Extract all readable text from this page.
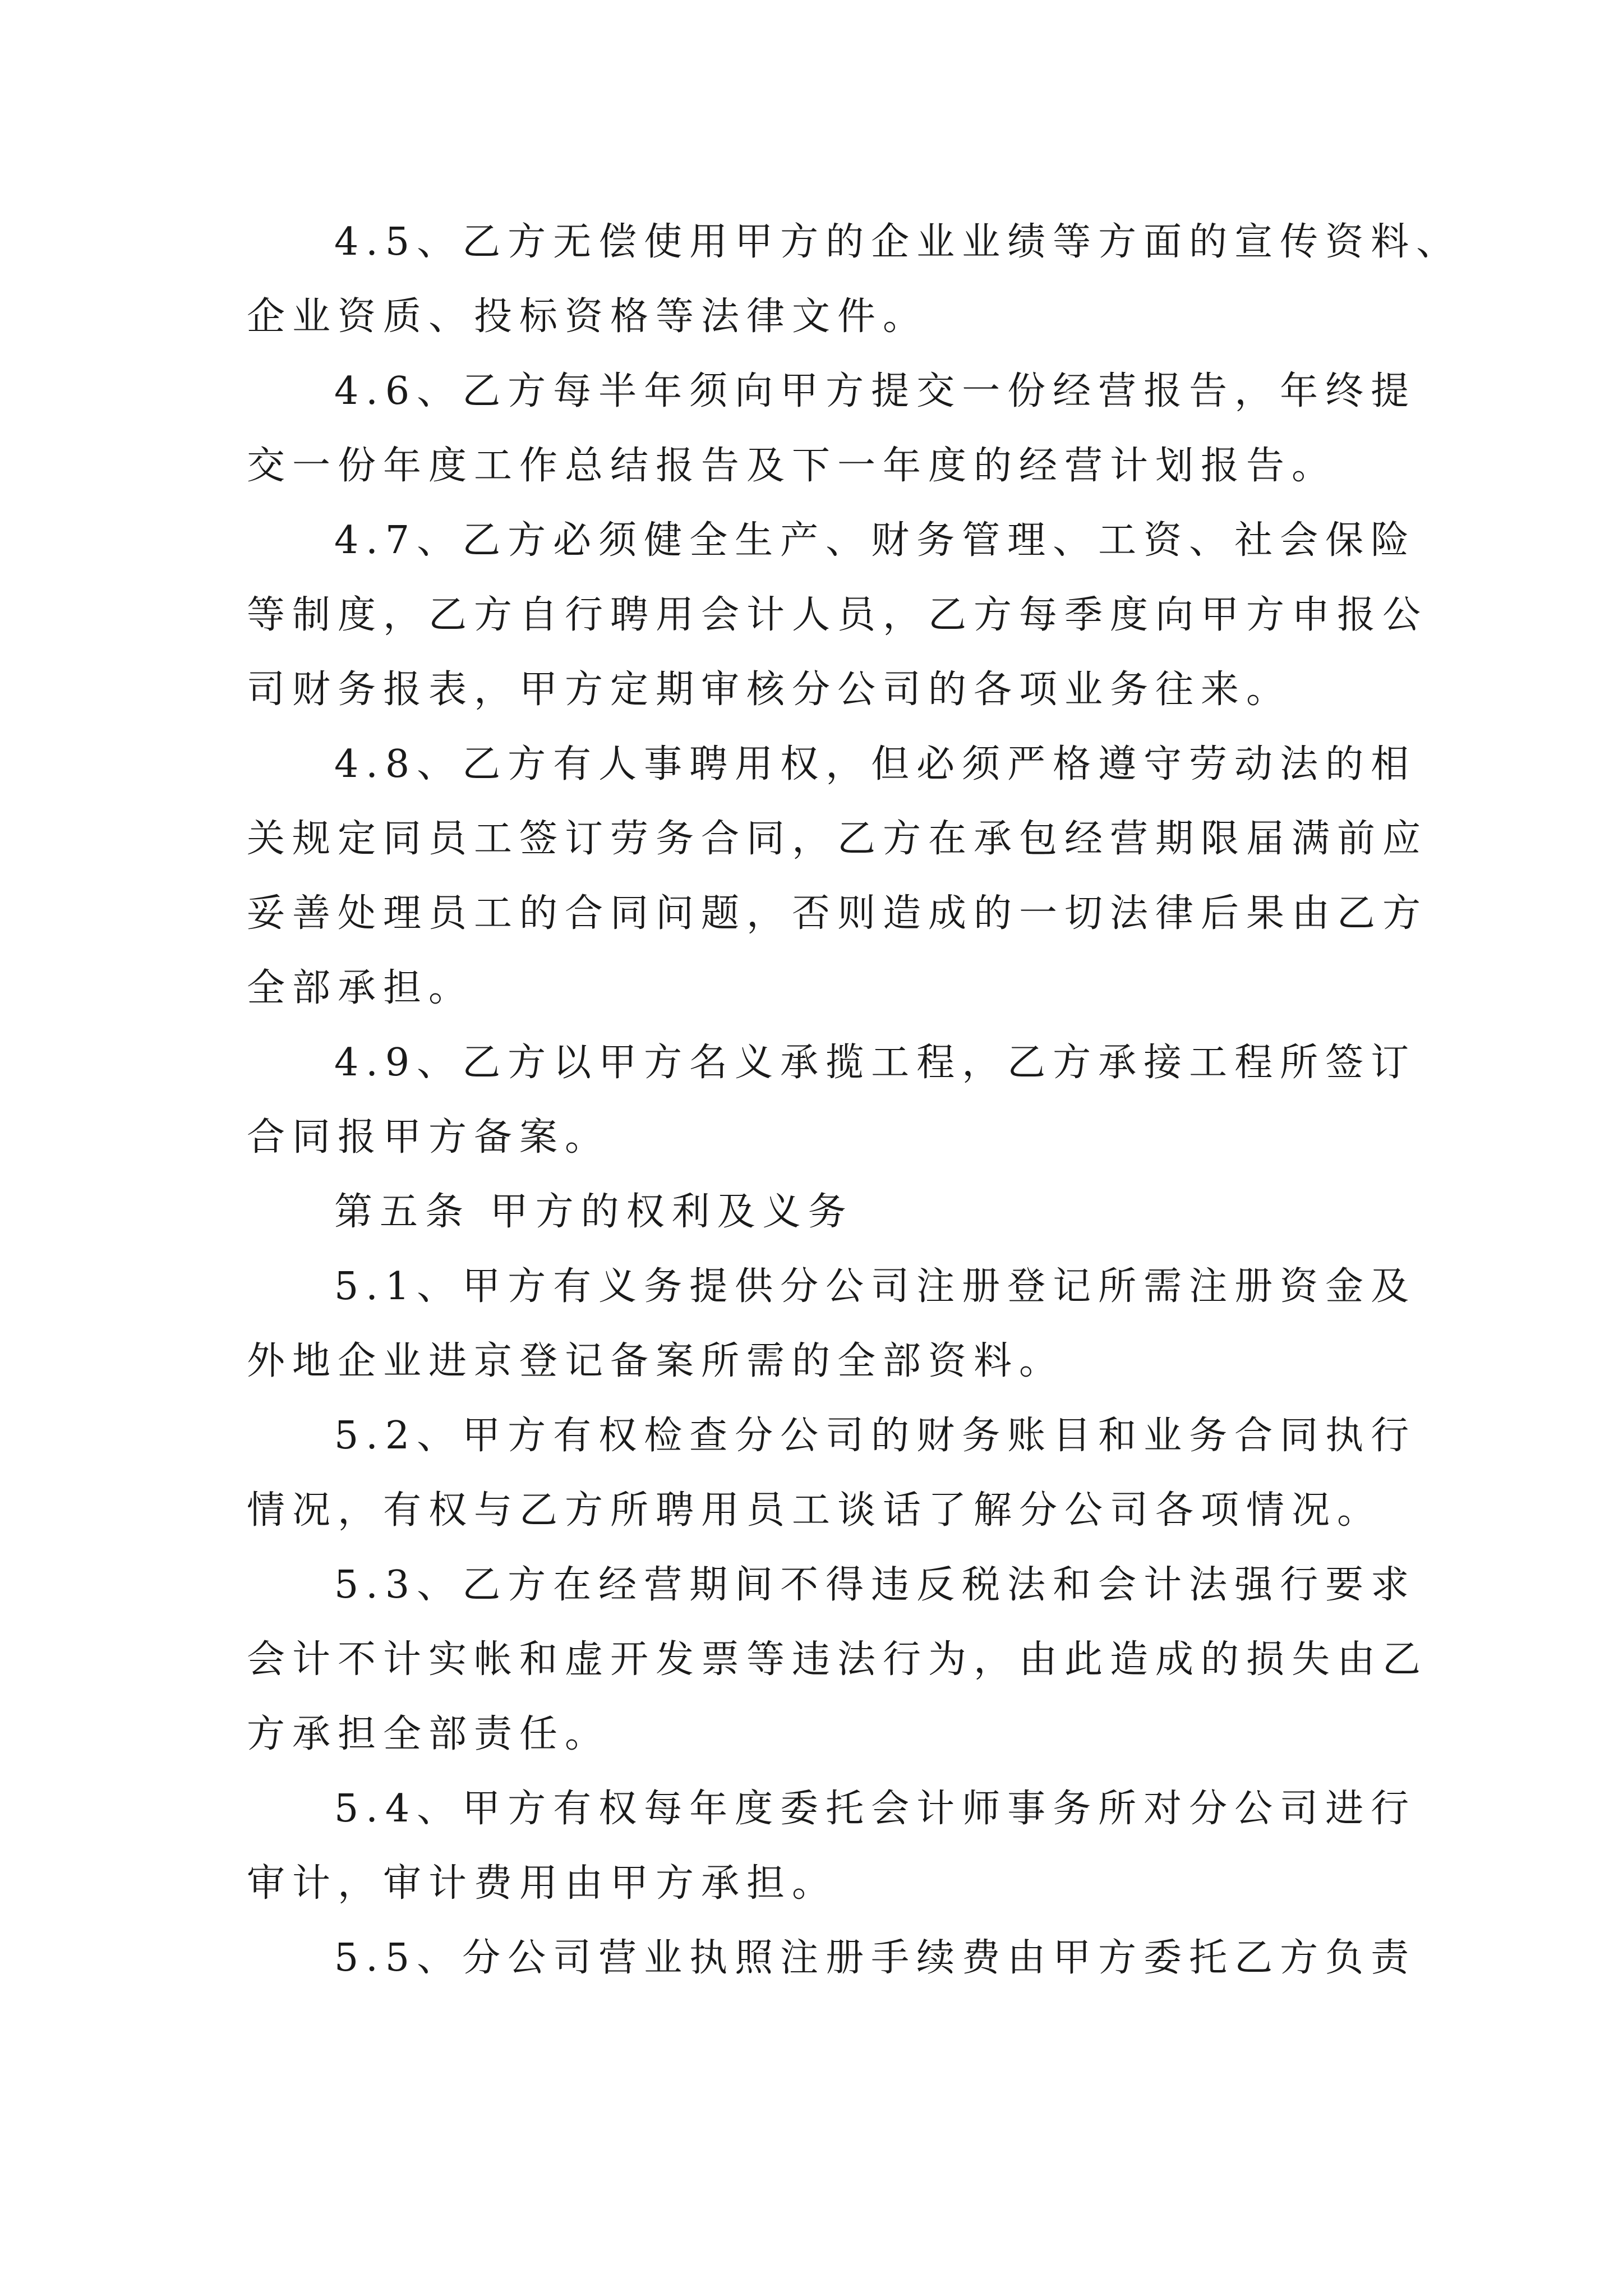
4.5、乙方无偿使用甲方的企业业绩等方面的宣传资料、

企业资质、投标资格等法律文件。

4.6、乙方每半年须向甲方提交一份经营报告，年终提

交一份年度工作总结报告及下一年度的经营计划报告。

4.7、乙方必须健全生产、财务管理、工资、社会保险

等制度，乙方自行聘用会计人员，乙方每季度向甲方申报公

司财务报表，甲方定期审核分公司的各项业务往来。

4.8、乙方有人事聘用权，但必须严格遵守劳动法的相

关规定同员工签订劳务合同，乙方在承包经营期限届满前应

妥善处理员工的合同问题，否则造成的一切法律后果由乙方

全部承担。

4.9、乙方以甲方名义承揽工程，乙方承接工程所签订

合同报甲方备案。

第五条 甲方的权利及义务

5.1、甲方有义务提供分公司注册登记所需注册资金及

外地企业进京登记备案所需的全部资料。

5.2、甲方有权检查分公司的财务账目和业务合同执行

情况，有权与乙方所聘用员工谈话了解分公司各项情况。

5.3、乙方在经营期间不得违反税法和会计法强行要求

会计不计实帐和虚开发票等违法行为，由此造成的损失由乙

方承担全部责任。

5.4、甲方有权每年度委托会计师事务所对分公司进行

审计，审计费用由甲方承担。

5.5、分公司营业执照注册手续费由甲方委托乙方负责
